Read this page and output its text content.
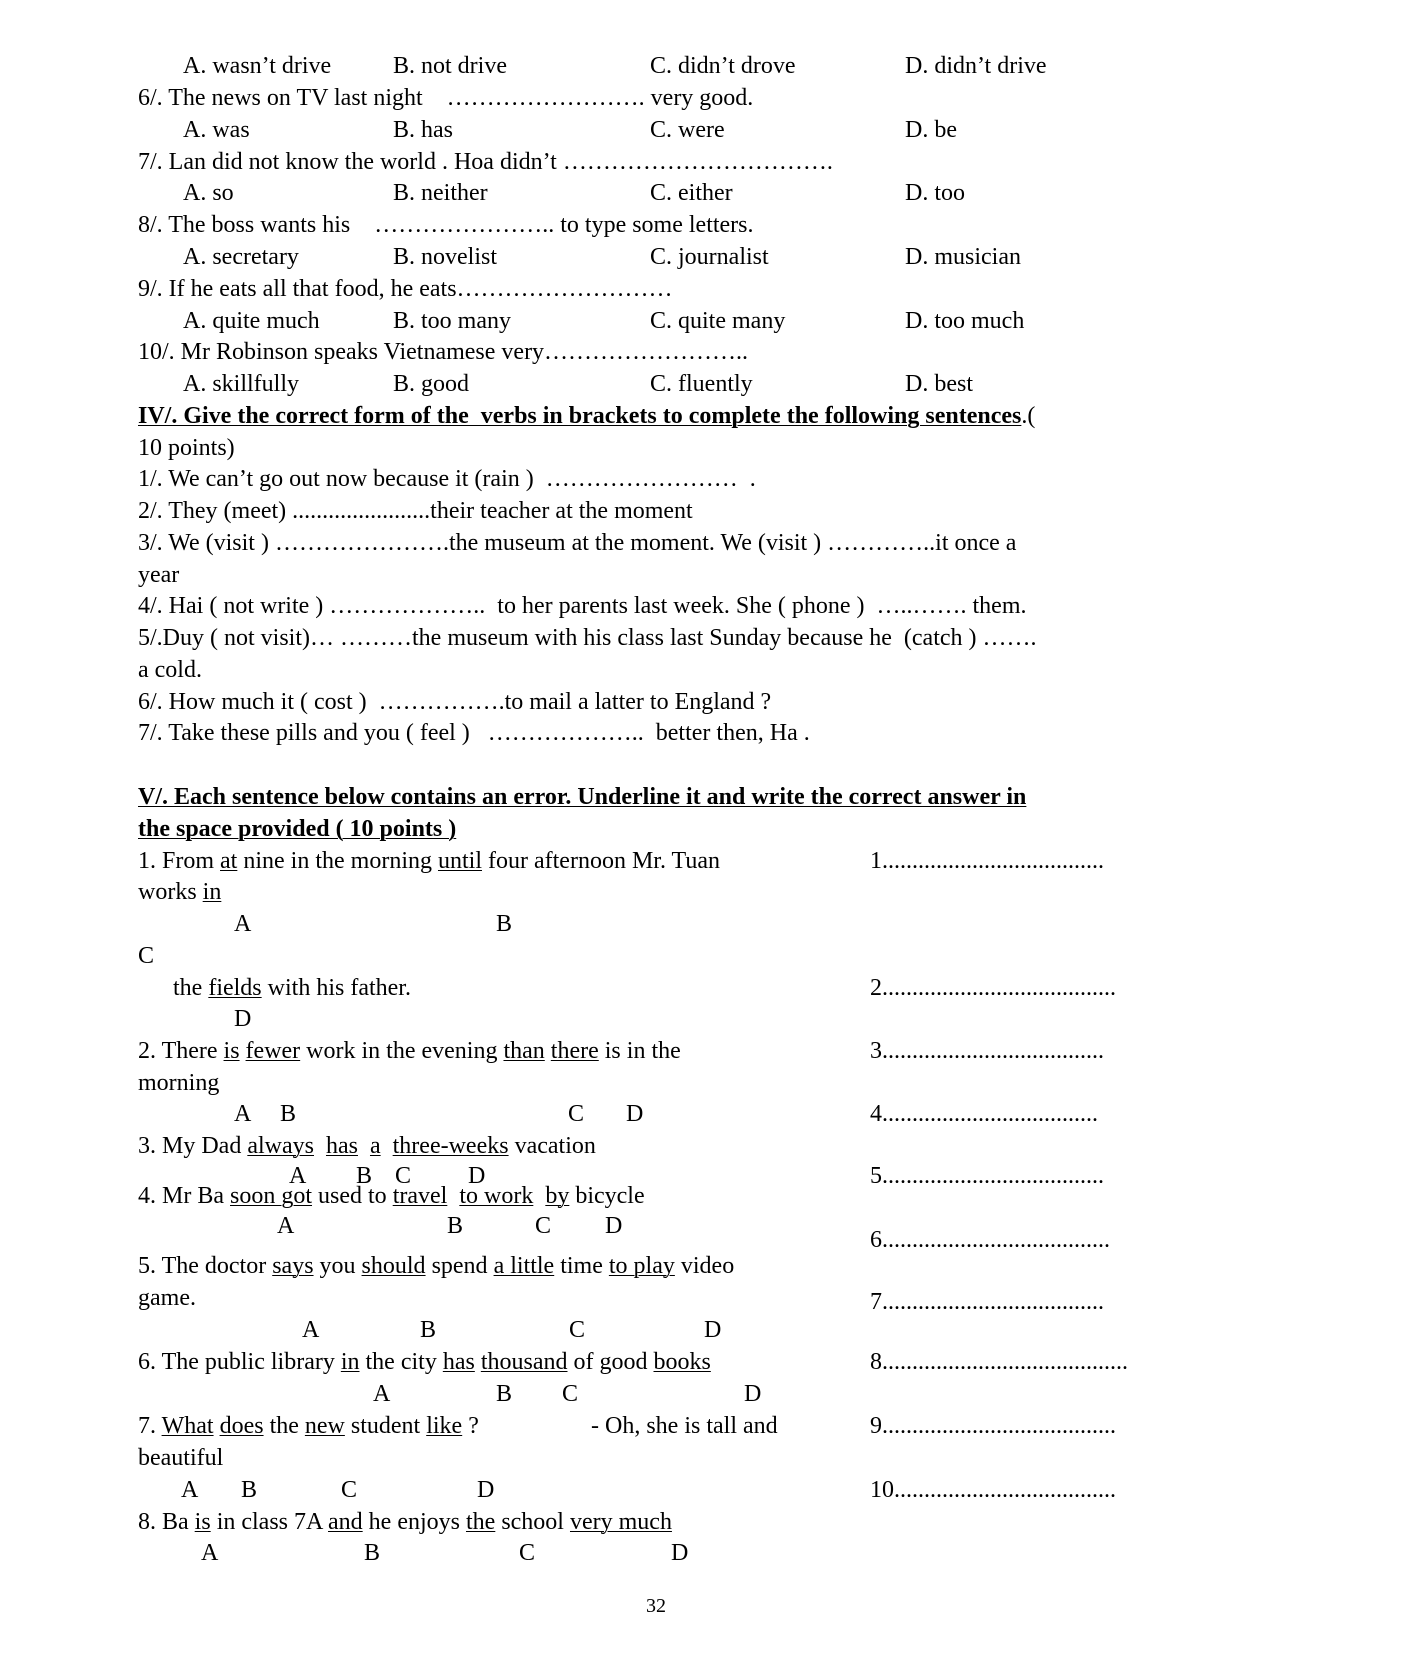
A. wasn’t drive	B. not drive	C. didn’t drove	D. didn’t drive
6/. The news on TV last night    ……………………. very good.
A. was	B. has	C. were	D. be
7/. Lan did not know the world . Hoa didn’t …………………………….
A. so	B. neither	C. either	D. too
8/. The boss wants his    ………………….. to type some letters.
A. secretary	B. novelist	C. journalist	D. musician
9/. If he eats all that food, he eats………………………
A. quite much	B. too many	C. quite many	D. too much
10/. Mr Robinson speaks Vietnamese very……………………..
A. skillfully	B. good	C. fluently	D. best
IV/. Give the correct form of the  verbs in brackets to complete the following sentences.(
10 points)
1/. We can’t go out now because it (rain )  ……………………  .
2/. They (meet) .......................their teacher at the moment
3/. We (visit ) ………………….the museum at the moment. We (visit ) …………..it once a
year
4/. Hai ( not write ) ………………..  to her parents last week. She ( phone )  …..……. them.
5/.Duy ( not visit)… ………the museum with his class last Sunday because he  (catch ) …….
a cold.
6/. How much it ( cost )  …………….to mail a latter to England ?
7/. Take these pills and you ( feel )   ………………..  better then, Ha .
V/. Each sentence below contains an error. Underline it and write the correct answer in
the space provided ( 10 points )
1. From at nine in the morning until four afternoon Mr. Tuan
works in
A	B
C
the fields with his father.
D
2. There is fewer work in the evening than there is in the
morning
A B	C D
3. My Dad always has a three-weeks vacation
A B C D
4. Mr Ba soon got used to travel to work by bicycle
A	B	C D
5. The doctor says you should spend a little time to play video
game.
A	B	C	D
6. The public library in the city has thousand of good books
A	B C	D
7. What does the new student like ?	- Oh, she is tall and
beautiful
A B	C	D
8. Ba is in class 7A and he enjoys the school very much
A	B	C	D
1.....................................
2.......................................
3.....................................
4....................................
5.....................................
6......................................
7.....................................
8.........................................
9.......................................
10.....................................
32
